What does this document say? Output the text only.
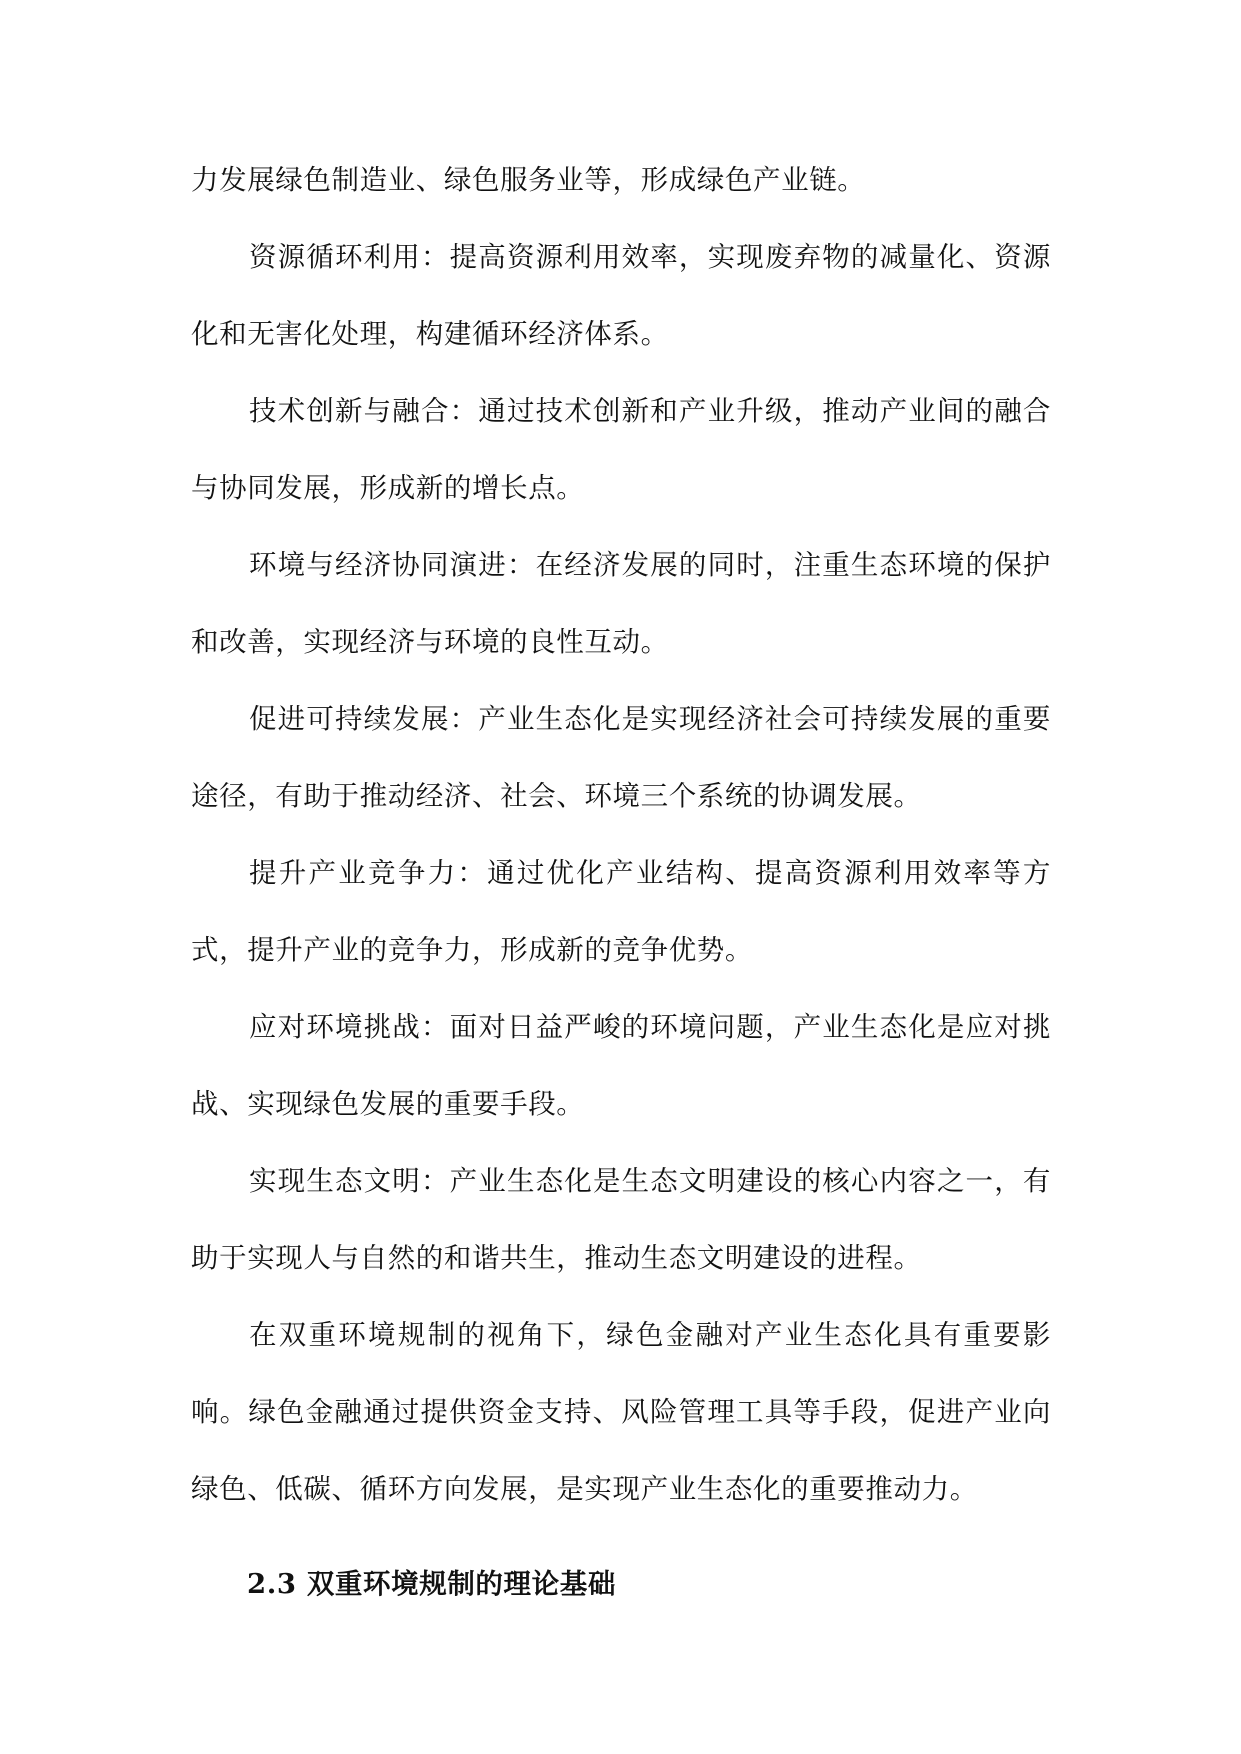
力发展绿色制造业、绿色服务业等，形成绿色产业链。

资源循环利用：提高资源利用效率，实现废弃物的减量化、资源化和无害化处理，构建循环经济体系。

技术创新与融合：通过技术创新和产业升级，推动产业间的融合与协同发展，形成新的增长点。

环境与经济协同演进：在经济发展的同时，注重生态环境的保护和改善，实现经济与环境的良性互动。

促进可持续发展：产业生态化是实现经济社会可持续发展的重要途径，有助于推动经济、社会、环境三个系统的协调发展。

提升产业竞争力：通过优化产业结构、提高资源利用效率等方式，提升产业的竞争力，形成新的竞争优势。

应对环境挑战：面对日益严峻的环境问题，产业生态化是应对挑战、实现绿色发展的重要手段。

实现生态文明：产业生态化是生态文明建设的核心内容之一，有助于实现人与自然的和谐共生，推动生态文明建设的进程。

在双重环境规制的视角下，绿色金融对产业生态化具有重要影响。绿色金融通过提供资金支持、风险管理工具等手段，促进产业向绿色、低碳、循环方向发展，是实现产业生态化的重要推动力。

2.3 双重环境规制的理论基础
